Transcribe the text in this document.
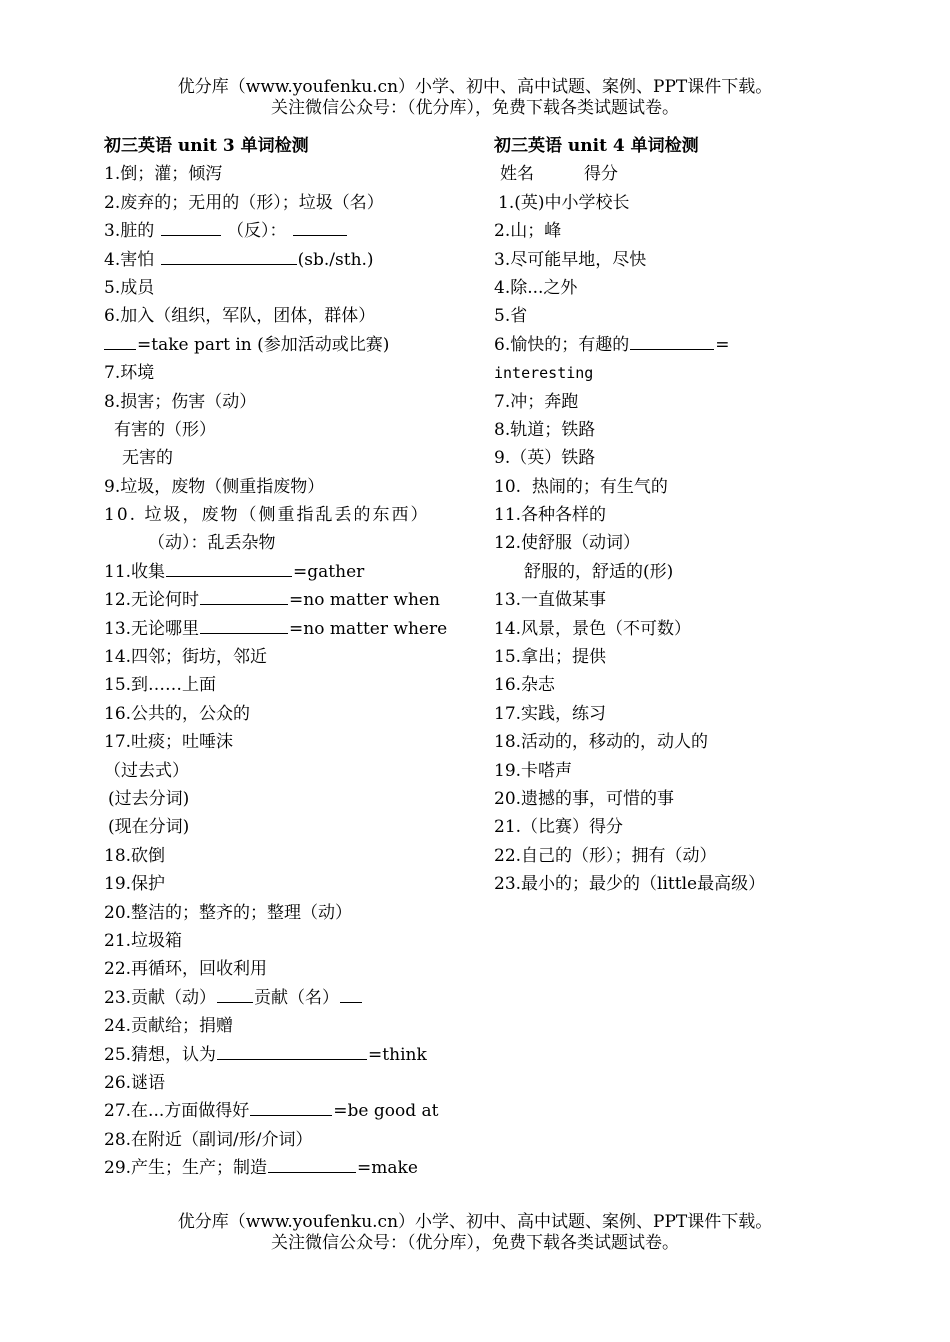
优分库（www.youfenku.cn）小学、初中、高中试题、案例、PPT课件下载。
关注微信公众号：（优分库），免费下载各类试题试卷。
初三英语 unit 3 单词检测
1.倒；灌；倾泻
2.废弃的；无用的（形）；垃圾（名）
3.脏的	（反）：
4.害怕	(sb./sth.)
5.成员
6.加入（组织，军队，团体，群体）
=take part in (参加活动或比赛)
7.环境
8.损害；伤害（动）
有害的（形）
无害的
9.垃圾，废物（侧重指废物）
10. 垃圾，废物（侧重指乱丢的东西）
（动）：乱丢杂物
11.收集	=gather
12.无论何时	=no matter when
13.无论哪里	=no matter where
14.四邻；街坊，邻近
15.到……上面
16.公共的，公众的
17.吐痰；吐唾沫
（过去式）
(过去分词)
(现在分词)
18.砍倒
19.保护
20.整洁的；整齐的；整理（动）
21.垃圾箱
22.再循环，回收利用
23.贡献（动） 贡献（名）
24.贡献给；捐赠
25.猜想，认为	=think
26.谜语
27.在...方面做得好	=be good at
28.在附近（副词/形/介词）
29.产生；生产；制造	=make
初三英语 unit 4 单词检测
姓名	得分
1.(英)中小学校长
2.山；峰
3.尽可能早地，尽快
4.除...之外
5.省
6.愉快的；有趣的	=
interesting
7.冲；奔跑
8.轨道；铁路
9.（英）铁路
10.  热闹的；有生气的
11.各种各样的
12.使舒服（动词）
舒服的，舒适的(形)
13.一直做某事
14.风景，景色（不可数）
15.拿出；提供
16.杂志
17.实践，练习
18.活动的，移动的，动人的
19.卡嗒声
20.遗撼的事，可惜的事
21.（比赛）得分
22.自己的（形）；拥有（动）
23.最小的；最少的（little最高级）
优分库（www.youfenku.cn）小学、初中、高中试题、案例、PPT课件下载。
关注微信公众号：（优分库），免费下载各类试题试卷。
